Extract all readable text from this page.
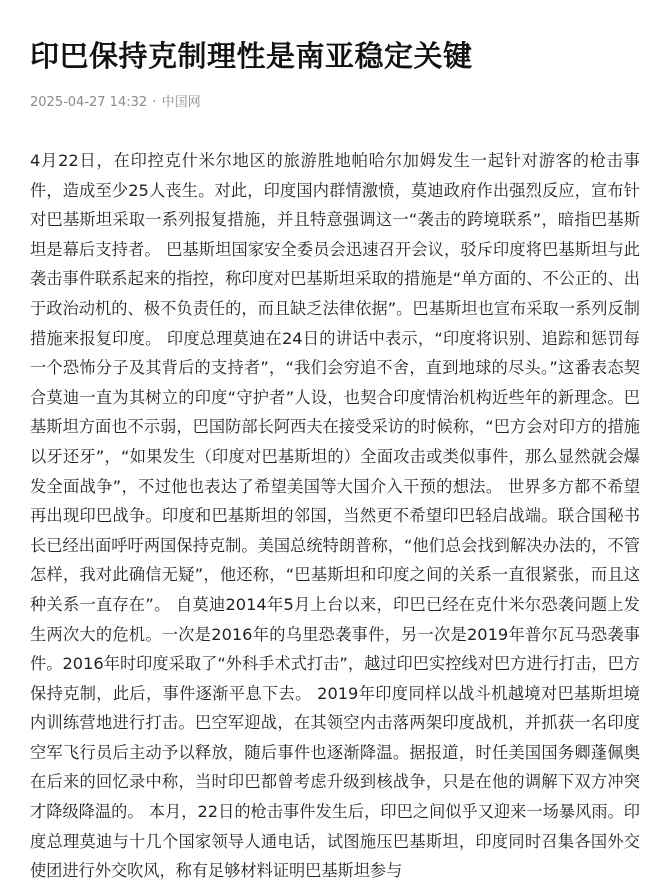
印巴保持克制理性是南亚稳定关键
2025-04-27 14:32 · 中国网

4月22日，在印控克什米尔地区的旅游胜地帕哈尔加姆发生一起针对游客的枪击事件，造成至少25人丧生。对此，印度国内群情激愤，莫迪政府作出强烈反应，宣布针对巴基斯坦采取一系列报复措施，并且特意强调这一“袭击的跨境联系”，暗指巴基斯坦是幕后支持者。 巴基斯坦国家安全委员会迅速召开会议，驳斥印度将巴基斯坦与此袭击事件联系起来的指控，称印度对巴基斯坦采取的措施是“单方面的、不公正的、出于政治动机的、极不负责任的，而且缺乏法律依据”。巴基斯坦也宣布采取一系列反制措施来报复印度。 印度总理莫迪在24日的讲话中表示，“印度将识别、追踪和惩罚每一个恐怖分子及其背后的支持者”，“我们会穷追不舍，直到地球的尽头。”这番表态契合莫迪一直为其树立的印度“守护者”人设，也契合印度情治机构近些年的新理念。巴基斯坦方面也不示弱，巴国防部长阿西夫在接受采访的时候称，“巴方会对印方的措施以牙还牙”，“如果发生（印度对巴基斯坦的）全面攻击或类似事件，那么显然就会爆发全面战争”，不过他也表达了希望美国等大国介入干预的想法。 世界多方都不希望再出现印巴战争。印度和巴基斯坦的邻国，当然更不希望印巴轻启战端。联合国秘书长已经出面呼吁两国保持克制。美国总统特朗普称，“他们总会找到解决办法的，不管怎样，我对此确信无疑”，他还称，“巴基斯坦和印度之间的关系一直很紧张，而且这种关系一直存在”。 自莫迪2014年5月上台以来，印巴已经在克什米尔恐袭问题上发生两次大的危机。一次是2016年的乌里恐袭事件，另一次是2019年普尔瓦马恐袭事件。2016年时印度采取了“外科手术式打击”，越过印巴实控线对巴方进行打击，巴方保持克制，此后，事件逐渐平息下去。 2019年印度同样以战斗机越境对巴基斯坦境内训练营地进行打击。巴空军迎战，在其领空内击落两架印度战机，并抓获一名印度空军飞行员后主动予以释放，随后事件也逐渐降温。据报道，时任美国国务卿蓬佩奥在后来的回忆录中称，当时印巴都曾考虑升级到核战争，只是在他的调解下双方冲突才降级降温的。 本月，22日的枪击事件发生后，印巴之间似乎又迎来一场暴风雨。印度总理莫迪与十几个国家领导人通电话，试图施压巴基斯坦，印度同时召集各国外交使团进行外交吹风，称有足够材料证明巴基斯坦参与
